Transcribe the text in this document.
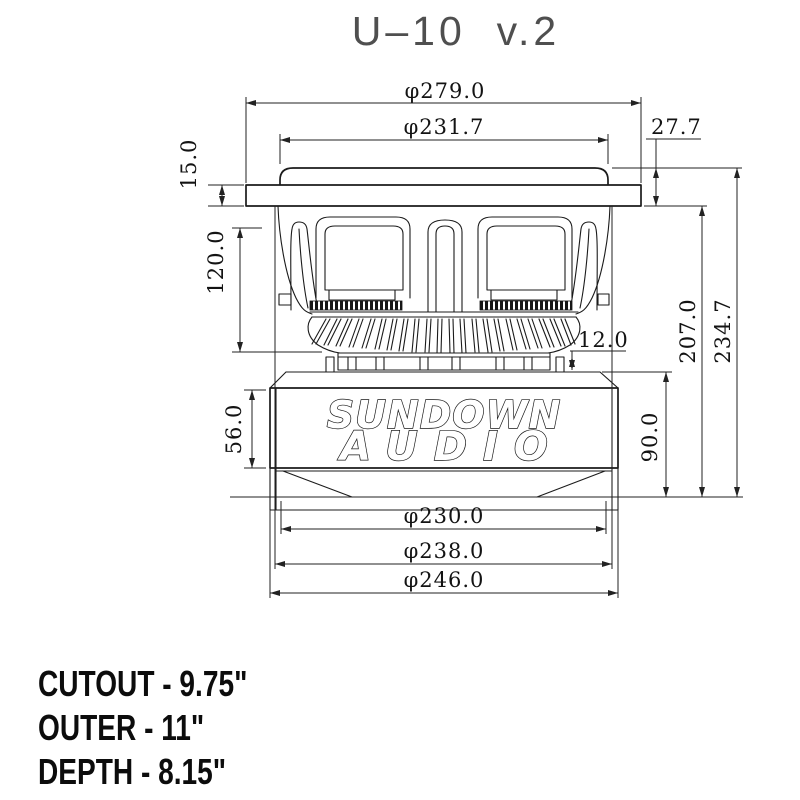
U–10  v.2
SUNDOWN
AUDIO
φ279.0
φ231.7	27.7
15.0
120.0
12.0
56.0	90.0
207.0 234.7
φ230.0
φ238.0
φ246.0
CUTOUT - 9.75"
OUTER - 11"
DEPTH - 8.15"
